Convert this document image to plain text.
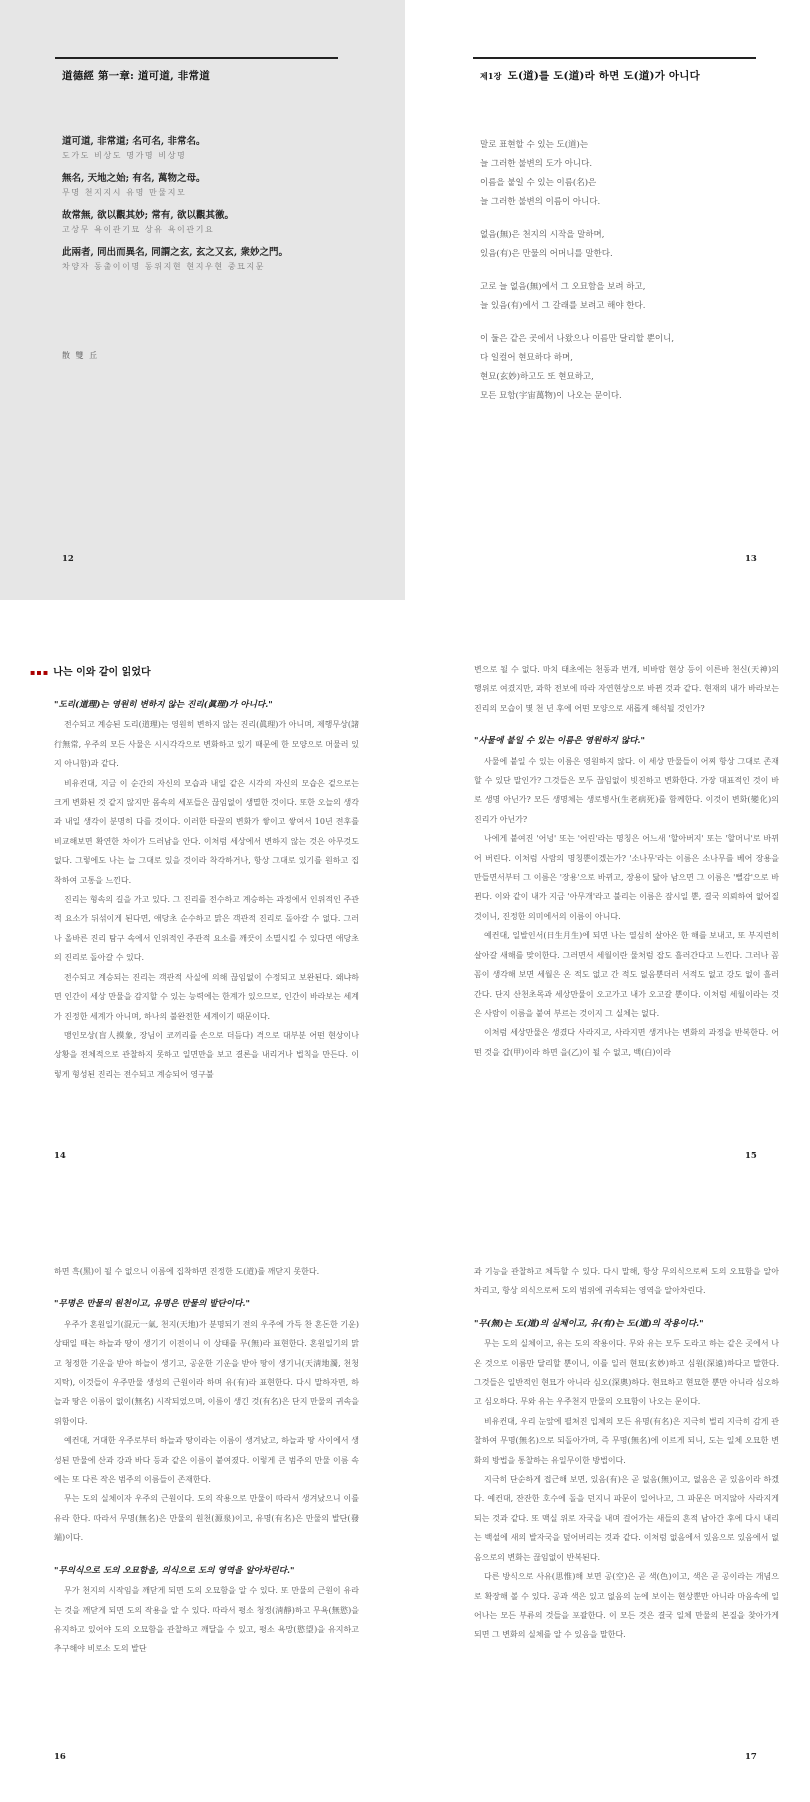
道德經 第一章: 道可道, 非常道
道可道, 非常道; 名可名, 非常名。
도가도 비상도 명가명 비상명
無名, 天地之始; 有名, 萬物之母。
무명 천지지시 유명 만물지모
故常無, 欲以觀其妙; 常有, 欲以觀其徼。
고상무 욕이관기묘 상유 욕이관기요
此兩者, 同出而異名, 同謂之玄, 玄之又玄, 衆妙之門。
차양자 동출이이명 동위지현 현지우현 중묘지문
散 雙 丘
12
제1장 도(道)를 도(道)라 하면 도(道)가 아니다
말로 표현할 수 있는 도(道)는
늘 그러한 불변의 도가 아니다.
이름을 붙일 수 있는 이름(名)은
늘 그러한 불변의 이름이 아니다.
없음(無)은 천지의 시작을 말하며,
있음(有)은 만물의 어머니를 말한다.
고로 늘 없음(無)에서 그 오묘함을 보려 하고,
늘 있음(有)에서 그 갈래를 보려고 해야 한다.
이 둘은 같은 곳에서 나왔으나 이름만 달리할 뿐이니,
다 일컬어 현묘하다 하며,
현묘(玄妙)하고도 또 현묘하고,
모든 묘함(宇宙萬物)이 나오는 문이다.
13
▪▪▪ 나는 이와 같이 읽었다

"도리(道理)는 영원히 변하지 않는 진리(眞理)가 아니다."

전수되고 계승된 도리(道理)는 영원히 변하지 않는 진리(眞理)가 아니며, 제행무상(諸行無常, 우주의 모든 사물은 시시각각으로 변화하고 있기 때문에 한 모양으로 머물러 있지 아니함)과 같다.

비유컨대, 지금 이 순간의 자신의 모습과 내일 같은 시각의 자신의 모습은 겉으로는 크게 변화된 것 같지 않지만 몸속의 세포들은 끊임없이 생멸한 것이다. 또한 오늘의 생각과 내일 생각이 분명히 다를 것이다. 이러한 타끌의 변화가 쌓이고 쌓여서 10년 전후를 비교해보면 확연한 차이가 드러남을 안다. 이처럼 세상에서 변하지 않는 것은 아무것도 없다. 그렇에도 나는 늘 그대로 있을 것이라 착각하거나, 항상 그대로 있기를 원하고 집착하여 고통을 느낀다.

진리는 형속의 길을 가고 있다. 그 진리를 전수하고 계승하는 과정에서 인위적인 주관적 요소가 뒤섞이게 된다면, 애당초 순수하고 맑은 객관적 진리로 돌아갈 수 없다. 그러나 올바른 진리 탐구 속에서 인위적인 주관적 요소를 깨끗이 소멸시킬 수 있다면 애당초의 진리로 돌아갈 수 있다.

전수되고 계승되는 진리는 객관적 사실에 의해 끊임없이 수정되고 보완된다. 왜냐하면 인간이 세상 만물을 감지할 수 있는 능력에는 한계가 있으므로, 인간이 바라보는 세계가 진정한 세계가 아니며, 하나의 불완전한 세계이기 때문이다.

맹인모상(盲人摸象, 장님이 코끼리를 손으로 더듬다) 격으로 대부분 어떤 현상이나 상황을 전체적으로 관찰하지 못하고 일면만을 보고 결론을 내리거나 법칙을 만든다. 이렇게 형성된 진리는 전수되고 계승되어 영구불

14

변으로 될 수 없다. 마치 태초에는 천동과 번개, 비바람 현상 등이 이른바 천신(天神)의 행위로 여겼지만, 과학 전보에 따라 자연현상으로 바뀐 것과 같다. 현재의 내가 바라보는 진리의 모습이 몇 천 년 후에 어떤 모양으로 새롭게 해석될 것인가?

"사물에 붙일 수 있는 이름은 영원하지 않다."

사물에 붙일 수 있는 이름은 영원하지 않다. 이 세상 만물들이 어찌 항상 그대로 존재할 수 있단 말인가? 그것들은 모두 끊임없이 빗진하고 변화한다. 가장 대표적인 것이 바로 생명 아닌가? 모든 생명체는 생로병사(生老病死)를 함께한다. 이것이 변화(變化)의 진리가 아닌가?

나에게 붙여진 '어넝' 또는 '어린'라는 명칭은 어느새 '할아버지' 또는 '할머니'로 바뀌어 버린다. 이처럼 사람의 명칭뿐이겠는가? '소나무'라는 이름은 소나무를 베어 장용을 만들면서부터 그 이름은 '장용'으로 바뀌고, 장용이 닳아 남으면 그 이름은 '뻘감'으로 바뀐다. 이와 같이 내가 지금 '아무개'라고 불리는 이름은 잠시일 뿐, 결국 의뢰하여 없어질 것이니, 진정한 의미에서의 이름이 아니다.

예컨대, 일발인서(日生月生)에 되면 나는 열심히 살아온 한 해를 보내고, 또 부지런히 살아갈 새해를 맞이한다. 그러면서 세월이란 물처럼 잡도 흘러간다고 느낀다. 그러나 꼼꼼이 생각해 보면 세월은 온 적도 없고 간 적도 없음뿐더러 서적도 없고 강도 없이 흘러간다. 단지 산천초목과 세상만물이 오고가고 내가 오고갈 뿐이다. 이처럼 세월이라는 것은 사람이 이름을 붙여 부르는 것이지 그 실체는 없다.

이처럼 세상만물은 생겼다 사라지고, 사라지면 생겨나는 변화의 과정을 반복한다. 어떤 것을 갑(甲)이라 하면 을(乙)이 될 수 없고, 백(白)이라

15

하면 흑(黑)이 될 수 없으니 이름에 집착하면 진정한 도(道)를 깨닫지 못한다.

"무명은 만물의 원천이고, 유명은 만물의 발단이다."

우주가 혼원일기(混元一氣, 천지(天地)가 분명되기 전의 우주에 가득 찬 혼돈한 기운) 상태일 때는 하늘과 땅이 생기기 이전이니 이 상태를 무(無)라 표현한다. 혼원일기의 맑고 청정한 기운을 받아 하늘이 생기고, 공운한 기운을 받아 땅이 생기니(天淸地濁, 천청지탁), 이것들이 우주만물 생성의 근원이라 하며 유(有)라 표현한다. 다시 말하자면, 하늘과 땅은 이름이 없이(無名) 시작되었으며, 이름이 생긴 것(有名)은 단지 만물의 귀속을 위함이다.

예컨대, 거대한 우주로부터 하늘과 땅이라는 이름이 생겨났고, 하늘과 땅 사이에서 생성된 만물에 산과 강과 바다 등과 같은 이름이 붙여졌다. 이렇게 큰 범주의 만물 이름 속에는 또 다른 작은 범주의 이름들이 존재한다.

무는 도의 실체이자 우주의 근원이다. 도의 작용으로 만물이 따라서 생겨났으니 이를 유라 한다. 따라서 무명(無名)은 만물의 원천(源泉)이고, 유명(有名)은 만물의 발단(發端)이다.

"무의식으로 도의 오묘함을, 의식으로 도의 영역을 알아차린다."

무가 천지의 시작임을 깨닫게 되면 도의 오묘함을 알 수 있다. 또 만물의 근원이 유라는 것을 깨닫게 되면 도의 작용을 알 수 있다. 따라서 평소 청정(淸靜)하고 무욕(無慾)을 유지하고 있어야 도의 오묘함을 관찰하고 깨달을 수 있고, 평소 욕망(慾望)을 유지하고 추구해야 비로소 도의 발단

16

과 기능을 관찰하고 체득할 수 있다. 다시 말해, 항상 무의식으로써 도의 오묘함을 알아차리고, 항상 의식으로써 도의 범위에 귀속되는 영역을 알아차린다.

"무(無)는 도(道)의 실체이고, 유(有)는 도(道)의 작용이다."

무는 도의 실체이고, 유는 도의 작용이다. 무와 유는 모두 도라고 하는 같은 곳에서 나온 것으로 이름만 달리할 뿐이니, 이를 일러 현묘(玄妙)하고 심원(深遠)하다고 말한다. 그것들은 일반적인 현묘가 아니라 심오(深奧)하다. 현묘하고 현묘한 뿐만 아니라 심오하고 심오하다. 무와 유는 우주천지 만물의 오묘함이 나오는 문이다.

비유컨대, 우리 눈앞에 펼쳐진 입체의 모든 유명(有名)은 지극히 벌리 지극히 감게 관찰하여 무명(無名)으로 되돌아가며, 즉 무명(無名)에 이르게 되니, 도는 일체 오묘한 변화의 방법을 통찰하는 유일무이한 방법이다.

지극히 단순하게 접근해 보면, 있음(有)은 곧 없음(無)이고, 없음은 곧 있음이라 하겠다. 예컨대, 잔잔한 호수에 돌을 던지니 파문이 일어나고, 그 파문은 머지않아 사라지게 되는 것과 같다. 또 맥실 위로 자국을 내며 걸어가는 새들의 흔적 남아간 후에 다시 내리는 백설에 새의 발자국을 덮어버리는 것과 같다. 이처럼 없음에서 있음으로 있음에서 없음으로의 변화는 끊임없이 반복된다.

다른 방식으로 사유(思惟)해 보면 공(空)은 곧 색(色)이고, 색은 곧 공이라는 개념으로 확장해 볼 수 있다. 공과 색은 있고 없음의 눈에 보이는 현상뿐만 아니라 마음속에 일어나는 모든 부류의 것들을 포괄한다. 이 모든 것은 결국 일체 만물의 본질을 찾아가게 되면 그 변화의 실체를 알 수 있음을 말한다.

17
